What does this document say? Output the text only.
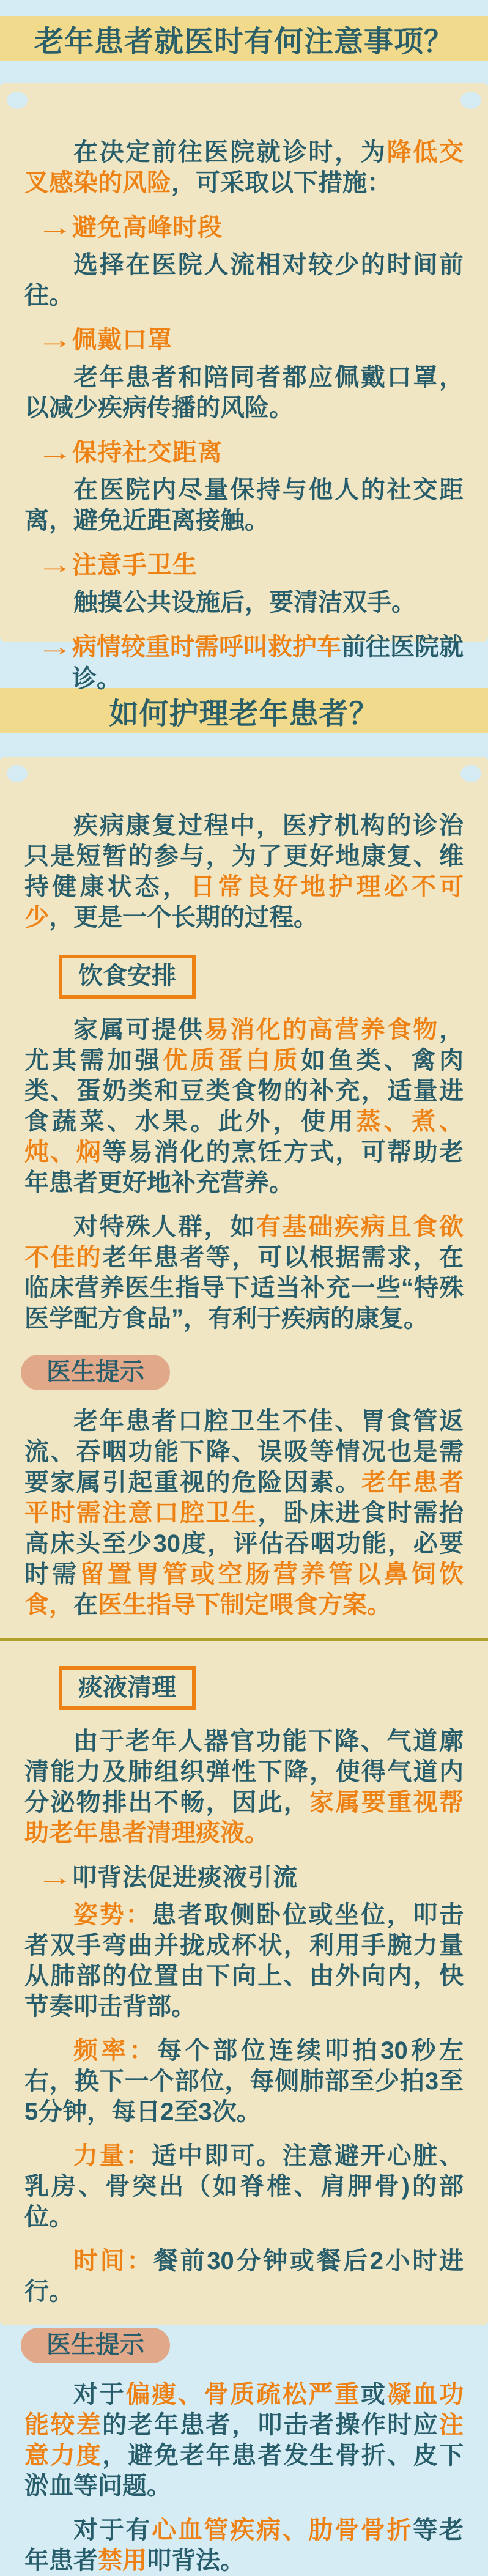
老年患者就医时有何注意事项？

在决定前往医院就诊时，为降低交叉感染的风险，可采取以下措施：

→
避免高峰时段

选择在医院人流相对较少的时间前往。

→
佩戴口罩

老年患者和陪同者都应佩戴口罩，以减少疾病传播的风险。

→
保持社交距离

在医院内尽量保持与他人的社交距离，避免近距离接触。

→
注意手卫生

触摸公共设施后，要清洁双手。

→
病情较重时需呼叫救护车前往医院就诊。
如何护理老年患者？

疾病康复过程中，医疗机构的诊治只是短暂的参与，为了更好地康复、维持健康状态，日常良好地护理必不可少，更是一个长期的过程。

饮食安排

家属可提供易消化的高营养食物，尤其需加强优质蛋白质如鱼类、禽肉类、蛋奶类和豆类食物的补充，适量进食蔬菜、水果。此外，使用蒸、煮、炖、焖等易消化的烹饪方式，可帮助老年患者更好地补充营养。

对特殊人群，如有基础疾病且食欲不佳的老年患者等，可以根据需求，在临床营养医生指导下适当补充一些“特殊医学配方食品”，有利于疾病的康复。

医生提示

老年患者口腔卫生不佳、胃食管返流、吞咽功能下降、误吸等情况也是需要家属引起重视的危险因素。老年患者平时需注意口腔卫生，卧床进食时需抬高床头至少30度，评估吞咽功能，必要时需留置胃管或空肠营养管以鼻饲饮食，在医生指导下制定喂食方案。

痰液清理

由于老年人器官功能下降、气道廓清能力及肺组织弹性下降，使得气道内分泌物排出不畅，因此，家属要重视帮助老年患者清理痰液。

→
叩背法促进痰液引流

姿势：患者取侧卧位或坐位，叩击者双手弯曲并拢成杯状，利用手腕力量从肺部的位置由下向上、由外向内，快节奏叩击背部。

频率：每个部位连续叩拍30秒左右，换下一个部位，每侧肺部至少拍3至5分钟，每日2至3次。

力量：适中即可。注意避开心脏、乳房、骨突出（如脊椎、肩胛骨)的部位。

时间：餐前30分钟或餐后2小时进行。

医生提示

对于偏瘦、骨质疏松严重或凝血功能较差的老年患者，叩击者操作时应注意力度，避免老年患者发生骨折、皮下淤血等问题。

对于有心血管疾病、肋骨骨折等老年患者禁用叩背法。
